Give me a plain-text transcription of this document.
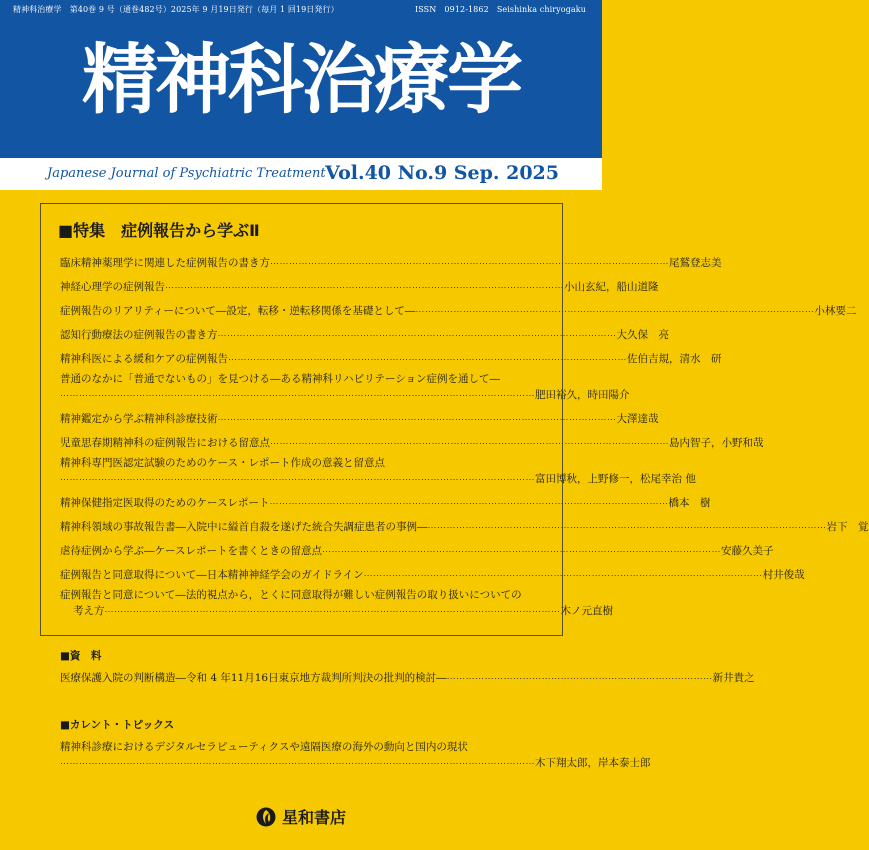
精神科治療学　第40巻 9 号（通巻482号）2025年 9 月19日発行（毎月 1 回19日発行）	ISSN　0912-1862　Seishinka chiryogaku
精神科治療学
Japanese Journal of Psychiatric Treatment Vol.40 No.9 Sep. 2025
■特集 症例報告から学ぶⅡ
臨床精神薬理学に関連した症例報告の書き方 ⋯⋯⋯⋯⋯⋯⋯⋯⋯⋯⋯⋯⋯⋯⋯⋯⋯⋯⋯⋯⋯⋯⋯⋯⋯⋯⋯⋯⋯⋯⋯⋯⋯⋯⋯⋯⋯⋯⋯⋯⋯⋯ 尾鷲登志美
神経心理学の症例報告 ⋯⋯⋯⋯⋯⋯⋯⋯⋯⋯⋯⋯⋯⋯⋯⋯⋯⋯⋯⋯⋯⋯⋯⋯⋯⋯⋯⋯⋯⋯⋯⋯⋯⋯⋯⋯⋯⋯⋯⋯⋯⋯ 小山玄紀，船山道隆
症例報告のリアリティーについて―設定，転移・逆転移関係を基礎として― ⋯⋯⋯⋯⋯⋯⋯⋯⋯⋯⋯⋯⋯⋯⋯⋯⋯⋯⋯⋯⋯⋯⋯⋯⋯⋯⋯⋯⋯⋯⋯⋯⋯⋯⋯⋯⋯⋯⋯⋯⋯⋯ 小林要二
認知行動療法の症例報告の書き方 ⋯⋯⋯⋯⋯⋯⋯⋯⋯⋯⋯⋯⋯⋯⋯⋯⋯⋯⋯⋯⋯⋯⋯⋯⋯⋯⋯⋯⋯⋯⋯⋯⋯⋯⋯⋯⋯⋯⋯⋯⋯⋯ 大久保　亮
精神科医による緩和ケアの症例報告 ⋯⋯⋯⋯⋯⋯⋯⋯⋯⋯⋯⋯⋯⋯⋯⋯⋯⋯⋯⋯⋯⋯⋯⋯⋯⋯⋯⋯⋯⋯⋯⋯⋯⋯⋯⋯⋯⋯⋯⋯⋯⋯ 佐伯吉規，清水　研
普通のなかに「普通でないもの」を見つける―ある精神科リハビリテーション症例を通して―
⋯⋯⋯⋯⋯⋯⋯⋯⋯⋯⋯⋯⋯⋯⋯⋯⋯⋯⋯⋯⋯⋯⋯⋯⋯⋯⋯⋯⋯⋯⋯⋯⋯⋯⋯⋯⋯⋯⋯⋯⋯⋯⋯⋯⋯⋯⋯⋯⋯⋯ 肥田裕久，時田陽介
精神鑑定から学ぶ精神科診療技術 ⋯⋯⋯⋯⋯⋯⋯⋯⋯⋯⋯⋯⋯⋯⋯⋯⋯⋯⋯⋯⋯⋯⋯⋯⋯⋯⋯⋯⋯⋯⋯⋯⋯⋯⋯⋯⋯⋯⋯⋯⋯⋯ 大澤達哉
児童思春期精神科の症例報告における留意点 ⋯⋯⋯⋯⋯⋯⋯⋯⋯⋯⋯⋯⋯⋯⋯⋯⋯⋯⋯⋯⋯⋯⋯⋯⋯⋯⋯⋯⋯⋯⋯⋯⋯⋯⋯⋯⋯⋯⋯⋯⋯⋯ 島内智子，小野和哉
精神科専門医認定試験のためのケース・レポート作成の意義と留意点
⋯⋯⋯⋯⋯⋯⋯⋯⋯⋯⋯⋯⋯⋯⋯⋯⋯⋯⋯⋯⋯⋯⋯⋯⋯⋯⋯⋯⋯⋯⋯⋯⋯⋯⋯⋯⋯⋯⋯⋯⋯⋯⋯⋯⋯⋯⋯⋯⋯⋯ 富田博秋，上野修一，松尾幸治 他
精神保健指定医取得のためのケースレポート ⋯⋯⋯⋯⋯⋯⋯⋯⋯⋯⋯⋯⋯⋯⋯⋯⋯⋯⋯⋯⋯⋯⋯⋯⋯⋯⋯⋯⋯⋯⋯⋯⋯⋯⋯⋯⋯⋯⋯⋯⋯⋯ 橋本　樹
精神科領域の事故報告書―入院中に縊首自殺を遂げた統合失調症患者の事例― ⋯⋯⋯⋯⋯⋯⋯⋯⋯⋯⋯⋯⋯⋯⋯⋯⋯⋯⋯⋯⋯⋯⋯⋯⋯⋯⋯⋯⋯⋯⋯⋯⋯⋯⋯⋯⋯⋯⋯⋯⋯⋯ 岩下　覚
虐待症例から学ぶ―ケースレポートを書くときの留意点 ⋯⋯⋯⋯⋯⋯⋯⋯⋯⋯⋯⋯⋯⋯⋯⋯⋯⋯⋯⋯⋯⋯⋯⋯⋯⋯⋯⋯⋯⋯⋯⋯⋯⋯⋯⋯⋯⋯⋯⋯⋯⋯ 安藤久美子
症例報告と同意取得について―日本精神神経学会のガイドライン ⋯⋯⋯⋯⋯⋯⋯⋯⋯⋯⋯⋯⋯⋯⋯⋯⋯⋯⋯⋯⋯⋯⋯⋯⋯⋯⋯⋯⋯⋯⋯⋯⋯⋯⋯⋯⋯⋯⋯⋯⋯⋯ 村井俊哉
症例報告と同意について―法的視点から，とくに同意取得が難しい症例報告の取り扱いについての
考え方 ⋯⋯⋯⋯⋯⋯⋯⋯⋯⋯⋯⋯⋯⋯⋯⋯⋯⋯⋯⋯⋯⋯⋯⋯⋯⋯⋯⋯⋯⋯⋯⋯⋯⋯⋯⋯⋯⋯⋯⋯⋯⋯⋯⋯⋯⋯⋯⋯ 木ノ元直樹
■資　料
医療保護入院の判断構造―令和 4 年11月16日東京地方裁判所判決の批判的検討― ⋯⋯⋯⋯⋯⋯⋯⋯⋯⋯⋯⋯⋯⋯⋯⋯⋯⋯⋯⋯⋯⋯⋯⋯⋯⋯⋯⋯ 新井貴之
■カレント・トピックス
精神科診療におけるデジタルセラピューティクスや遠隔医療の海外の動向と国内の現状
⋯⋯⋯⋯⋯⋯⋯⋯⋯⋯⋯⋯⋯⋯⋯⋯⋯⋯⋯⋯⋯⋯⋯⋯⋯⋯⋯⋯⋯⋯⋯⋯⋯⋯⋯⋯⋯⋯⋯⋯⋯⋯⋯⋯⋯⋯⋯⋯⋯⋯ 木下翔太郎，岸本泰士郎
星和書店
